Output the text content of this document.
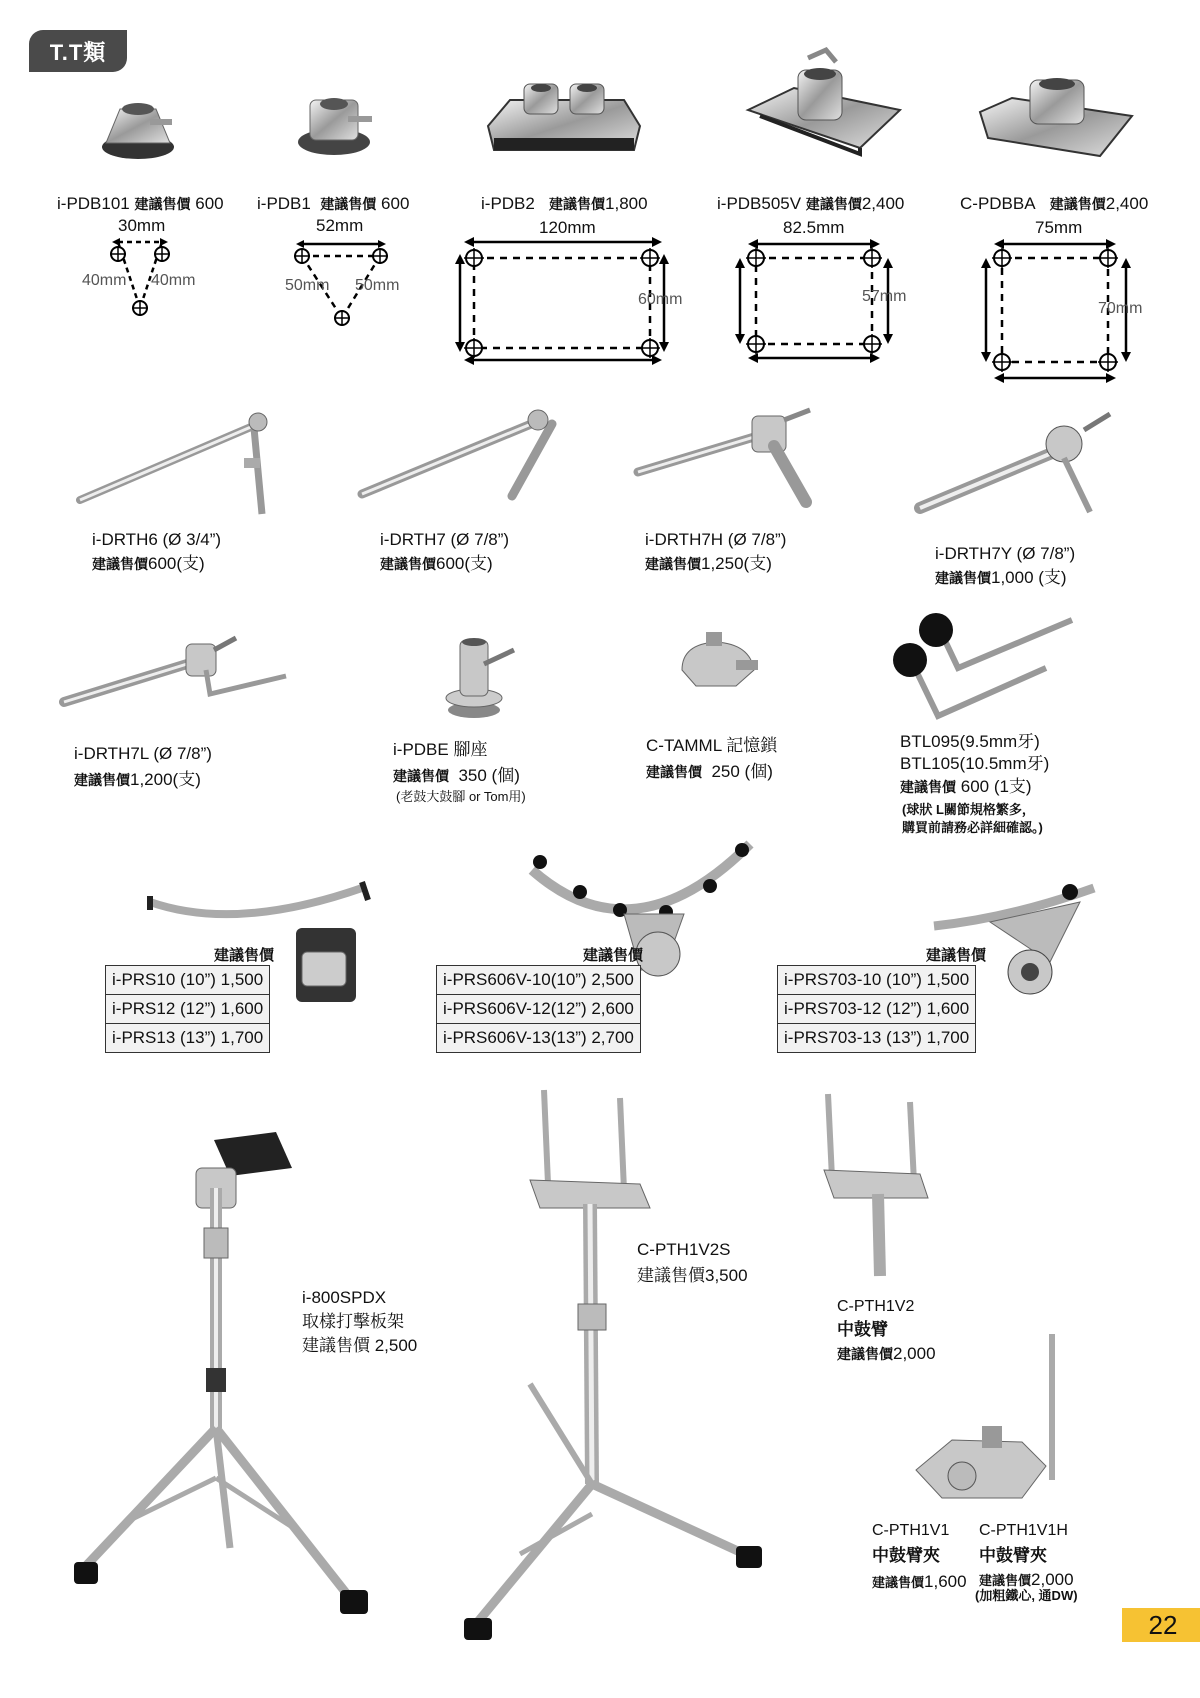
T.T類
i-PDB101 建議售價 600 i-PDB1 建議售價 600	i-PDB2 建議售價1,800	i-PDB505V 建議售價2,400	C-PDBBA 建議售價2,400
30mm
40mm 40mm
52mm
50mm 50mm
120mm
60mm
82.5mm
57mm
75mm
70mm
i-DRTH6 (Ø 3/4”)
建議售價600(支)
i-DRTH7 (Ø 7/8”)
建議售價600(支)
i-DRTH7H (Ø 7/8”)
建議售價1,250(支)
i-DRTH7Y (Ø 7/8”)
建議售價1,000 (支)
i-DRTH7L (Ø 7/8”)
建議售價1,200(支)
i-PDBE 腳座
建議售價 350 (個)
(老鼓大鼓腳 or Tom用)
C-TAMML 記憶鎖
建議售價 250 (個)
BTL095(9.5mm牙)
BTL105(10.5mm牙)
建議售價 600 (1支)
(球狀 L關節規格繁多，
購買前請務必詳細確認。)
建議售價
i-PRS10 (10”) 1,500
i-PRS12 (12”) 1,600
i-PRS13 (13”) 1,700
建議售價
i-PRS606V-10(10”) 2,500
i-PRS606V-12(12”) 2,600
i-PRS606V-13(13”) 2,700
建議售價
i-PRS703-10 (10”) 1,500
i-PRS703-12 (12”) 1,600
i-PRS703-13 (13”) 1,700
i-800SPDX
取樣打擊板架
建議售價 2,500
C-PTH1V2S
建議售價3,500
C-PTH1V2
中鼓臂
建議售價2,000
C-PTH1V1
中鼓臂夾
建議售價1,600
C-PTH1V1H
中鼓臂夾
建議售價2,000
(加粗鐵心, 通DW)
22
